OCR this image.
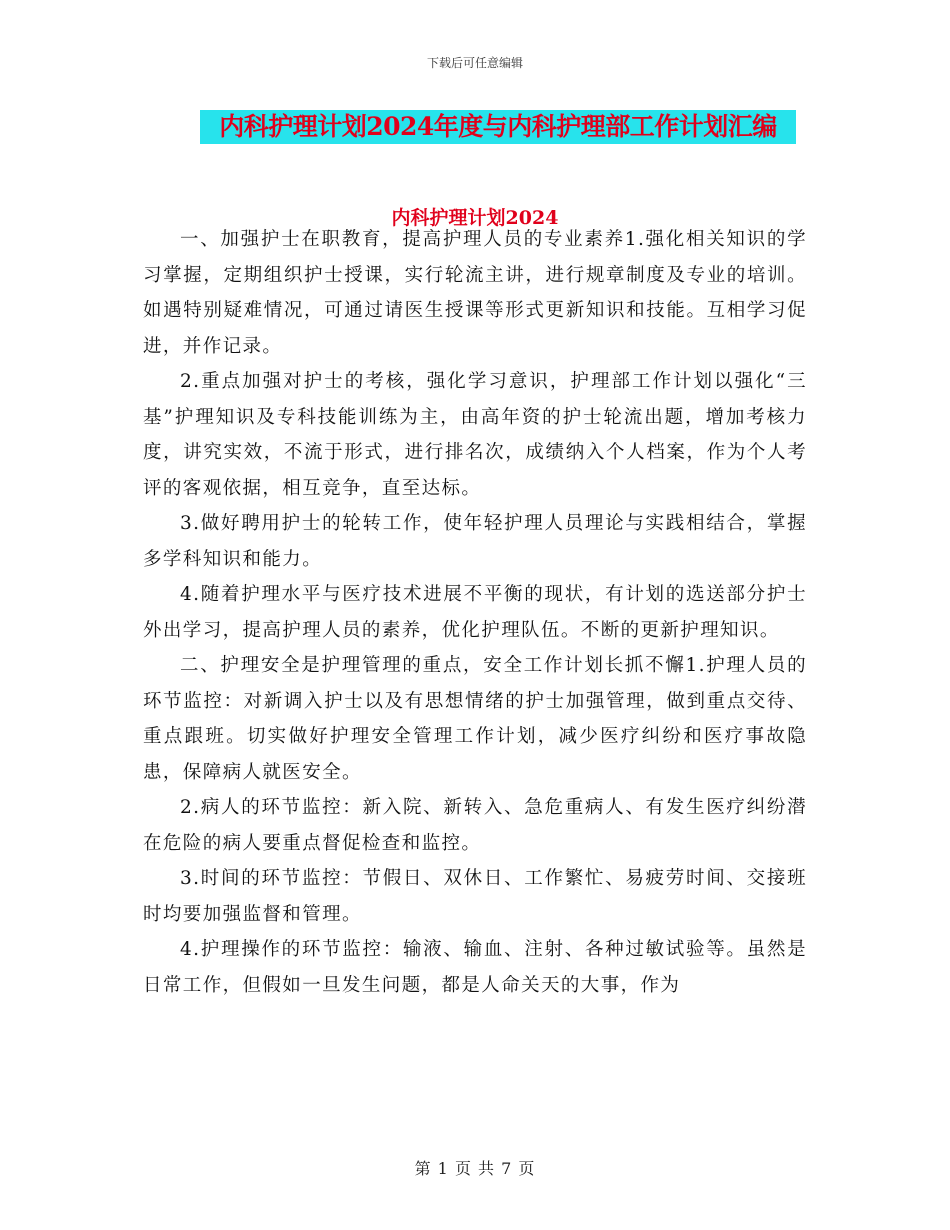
下载后可任意编辑
内科护理计划2024年度与内科护理部工作计划汇编
内科护理计划2024

一、加强护士在职教育，提高护理人员的专业素养1.强化相关知识的学习掌握，定期组织护士授课，实行轮流主讲，进行规章制度及专业的培训。如遇特别疑难情况，可通过请医生授课等形式更新知识和技能。互相学习促进，并作记录。

2.重点加强对护士的考核，强化学习意识，护理部工作计划以强化“三基”护理知识及专科技能训练为主，由高年资的护士轮流出题，增加考核力度，讲究实效，不流于形式，进行排名次，成绩纳入个人档案，作为个人考评的客观依据，相互竞争，直至达标。

3.做好聘用护士的轮转工作，使年轻护理人员理论与实践相结合，掌握多学科知识和能力。

4.随着护理水平与医疗技术进展不平衡的现状，有计划的选送部分护士外出学习，提高护理人员的素养，优化护理队伍。不断的更新护理知识。

二、护理安全是护理管理的重点，安全工作计划长抓不懈1.护理人员的环节监控：对新调入护士以及有思想情绪的护士加强管理，做到重点交待、重点跟班。切实做好护理安全管理工作计划，减少医疗纠纷和医疗事故隐患，保障病人就医安全。

2.病人的环节监控：新入院、新转入、急危重病人、有发生医疗纠纷潜在危险的病人要重点督促检查和监控。

3.时间的环节监控：节假日、双休日、工作繁忙、易疲劳时间、交接班时均要加强监督和管理。

4.护理操作的环节监控：输液、输血、注射、各种过敏试验等。虽然是日常工作，但假如一旦发生问题，都是人命关天的大事，作为

第 1 页 共 7 页
